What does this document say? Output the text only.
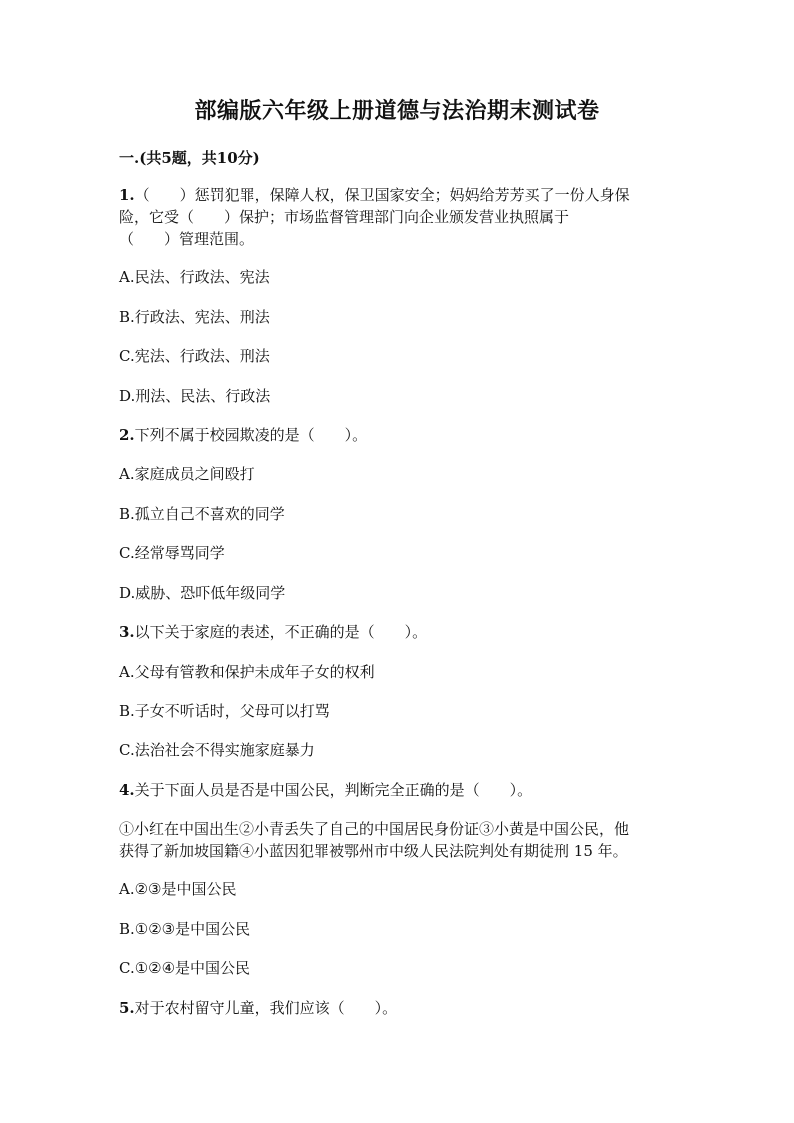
部编版六年级上册道德与法治期末测试卷
一.(共5题，共10分)
1.（　　）惩罚犯罪，保障人权，保卫国家安全；妈妈给芳芳买了一份人身保
险，它受（　　）保护；市场监督管理部门向企业颁发营业执照属于
（　　）管理范围。
A.民法、行政法、宪法
B.行政法、宪法、刑法
C.宪法、行政法、刑法
D.刑法、民法、行政法
2.下列不属于校园欺凌的是（　　）。
A.家庭成员之间殴打
B.孤立自己不喜欢的同学
C.经常辱骂同学
D.威胁、恐吓低年级同学
3.以下关于家庭的表述，不正确的是（　　）。
A.父母有管教和保护未成年子女的权利
B.子女不听话时，父母可以打骂
C.法治社会不得实施家庭暴力
4.关于下面人员是否是中国公民，判断完全正确的是（　　）。
①小红在中国出生②小青丢失了自己的中国居民身份证③小黄是中国公民，他
获得了新加坡国籍④小蓝因犯罪被鄂州市中级人民法院判处有期徒刑 15 年。
A.②③是中国公民
B.①②③是中国公民
C.①②④是中国公民
5.对于农村留守儿童，我们应该（　　）。
